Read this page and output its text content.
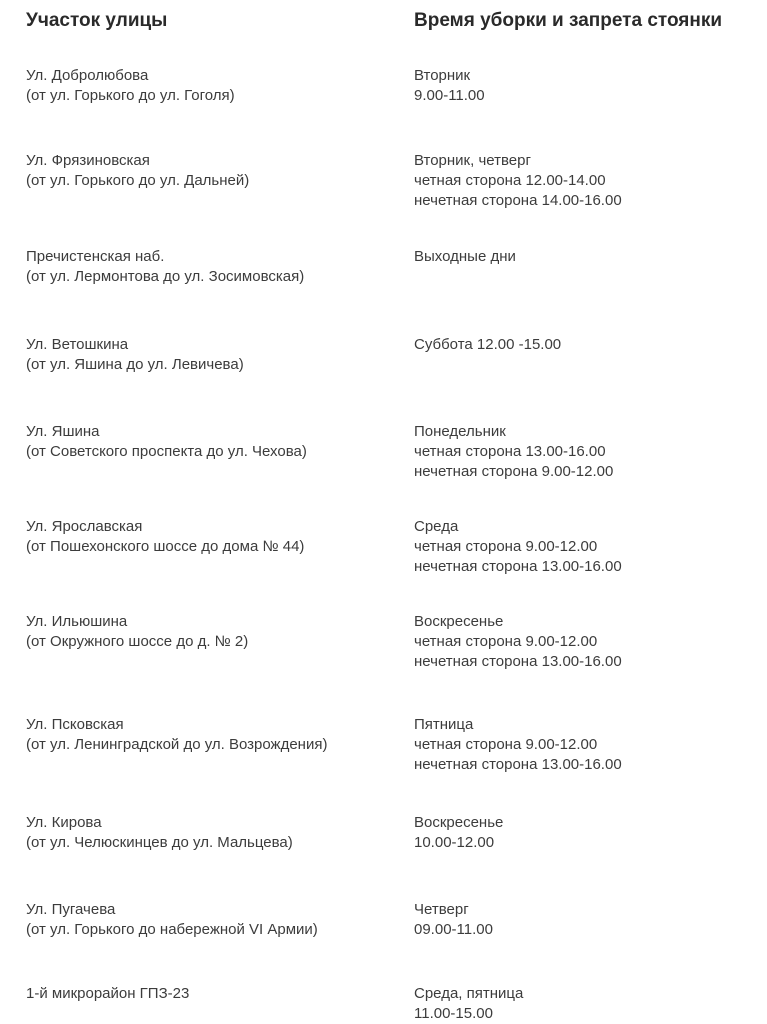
Участок улицы	Время уборки и запрета стоянки
Ул. Добролюбова
(от ул. Горького до ул. Гоголя)
Вторник
9.00-11.00
Ул. Фрязиновская
(от ул. Горького до ул. Дальней)
Вторник, четверг
четная сторона 12.00-14.00
нечетная сторона 14.00-16.00
Пречистенская наб.
(от ул. Лермонтова до ул. Зосимовская)
Выходные дни
Ул. Ветошкина
(от ул. Яшина до ул. Левичева)
Суббота 12.00 -15.00
Ул. Яшина
(от Советского проспекта до ул. Чехова)
Понедельник
четная сторона 13.00-16.00
нечетная сторона 9.00-12.00
Ул. Ярославская
(от Пошехонского шоссе до дома № 44)
Среда
четная сторона 9.00-12.00
нечетная сторона 13.00-16.00
Ул. Ильюшина
(от Окружного шоссе до д. № 2)
Воскресенье
четная сторона 9.00-12.00
нечетная сторона 13.00-16.00
Ул. Псковская
(от ул. Ленинградской до ул. Возрождения)
Пятница
четная сторона 9.00-12.00
нечетная сторона 13.00-16.00
Ул. Кирова
(от ул. Челюскинцев до ул. Мальцева)
Воскресенье
10.00-12.00
Ул. Пугачева
(от ул. Горького до набережной VI Армии)
Четверг
09.00-11.00
1-й микрорайон ГПЗ-23	Среда, пятница
11.00-15.00
